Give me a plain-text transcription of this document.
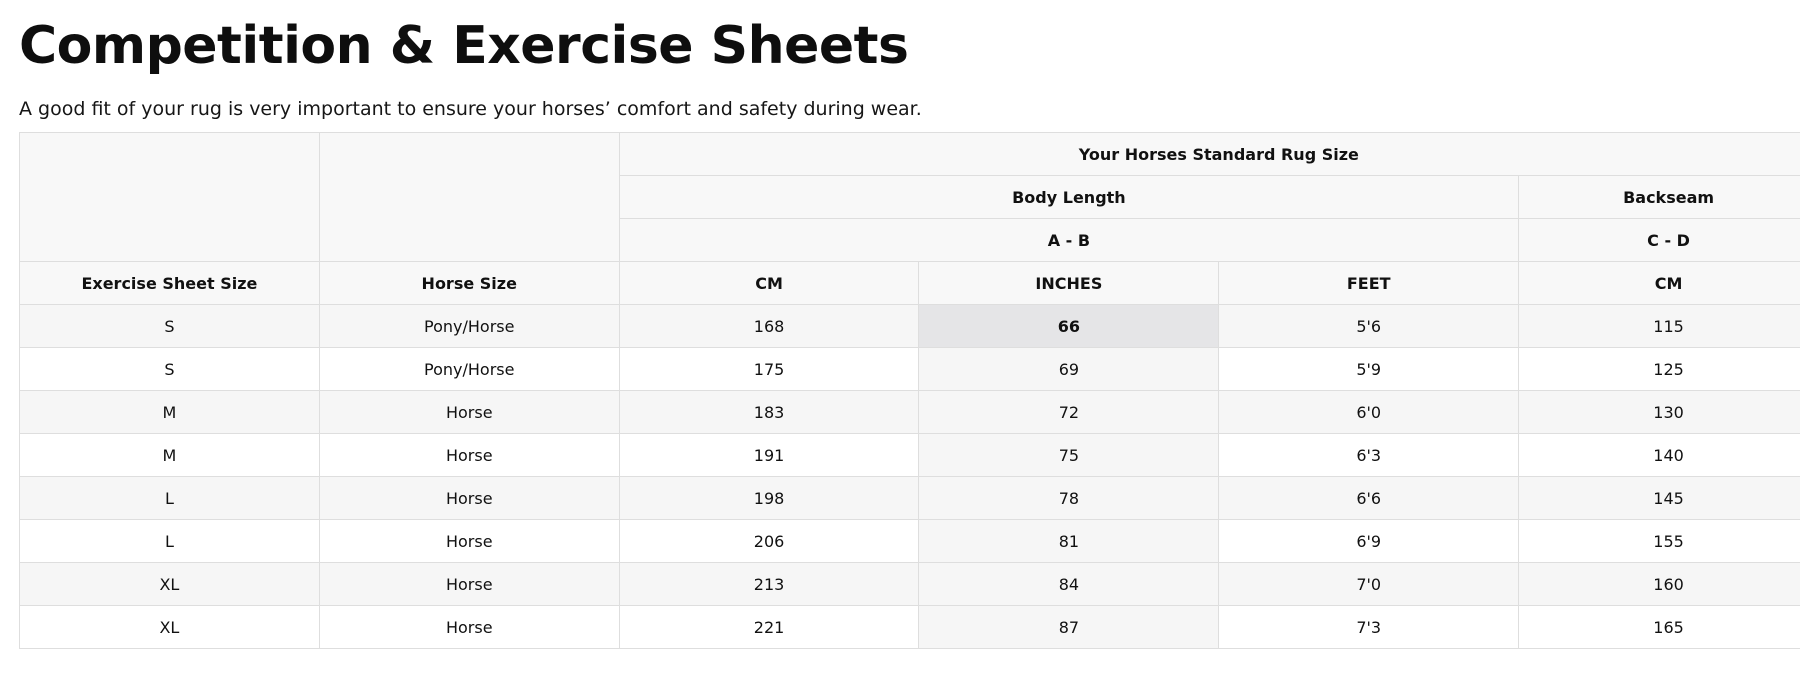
Competition & Exercise Sheets

A good fit of your rug is very important to ensure your horses’ comfort and safety during wear.

		Your Horses Standard Rug Size			
		Body Length			Backseam
		A - B			C - D
Exercise Sheet Size	Horse Size	CM	INCHES	FEET	CM
S	Pony/Horse	168	66	5'6	115
S	Pony/Horse	175	69	5'9	125
M	Horse	183	72	6'0	130
M	Horse	191	75	6'3	140
L	Horse	198	78	6'6	145
L	Horse	206	81	6'9	155
XL	Horse	213	84	7'0	160
XL	Horse	221	87	7'3	165
